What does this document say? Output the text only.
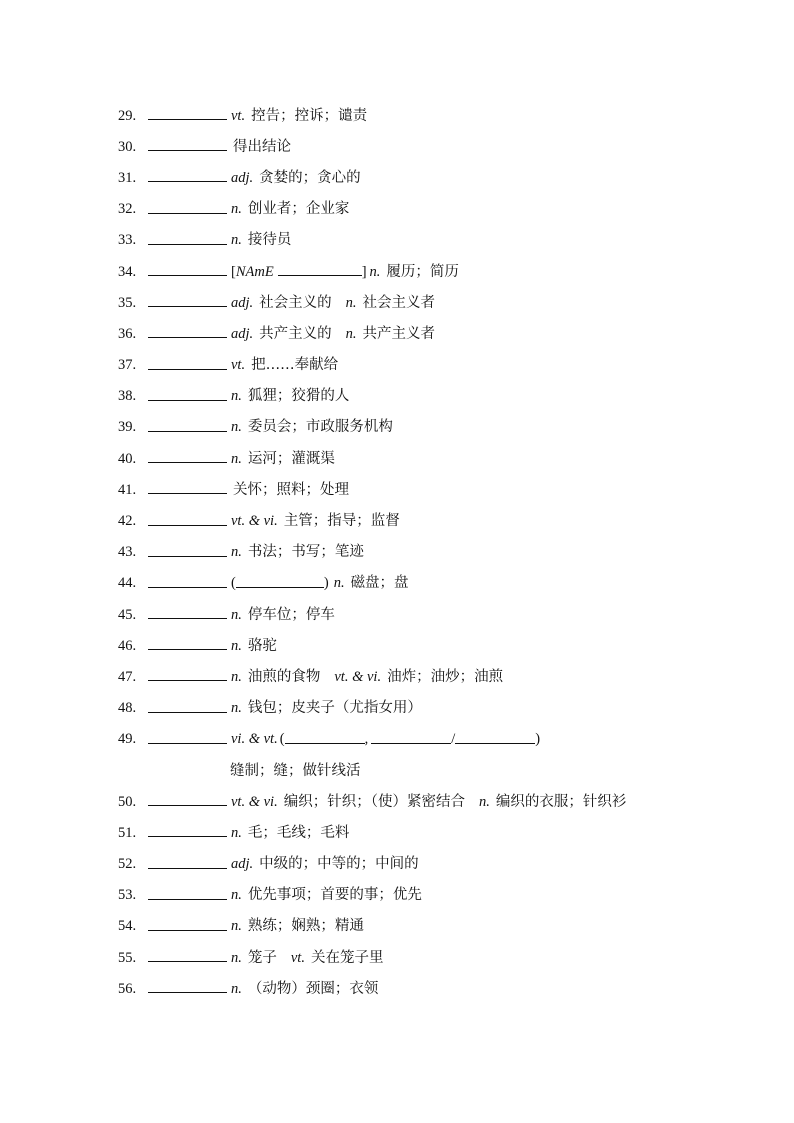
29.	vt. 控告；控诉；谴责
30.	得出结论
31.	adj. 贪婪的；贪心的
32.	n. 创业者；企业家
33.	n. 接待员
34.	[ NAmE	] n. 履历；简历
35.	adj. 社会主义的 n. 社会主义者
36.	adj. 共产主义的 n. 共产主义者
37.	vt. 把……奉献给
38.	n. 狐狸；狡猾的人
39.	n. 委员会；市政服务机构
40.	n. 运河；灌溉渠
41.	关怀；照料；处理
42.	vt. & vi. 主管；指导；监督
43.	n. 书法；书写；笔迹
44.	(	) n. 磁盘；盘
45.	n. 停车位；停车
46.	n. 骆驼
47.	n. 油煎的食物 vt. & vi. 油炸；油炒；油煎
48.	n. 钱包；皮夹子（尤指女用）
49.	vi. & vt. (	,	/	)
缝制；缝；做针线活
50.	vt. & vi. 编织；针织；（使）紧密结合 n. 编织的衣服；针织衫
51.	n. 毛；毛线；毛料
52.	adj. 中级的；中等的；中间的
53.	n. 优先事项；首要的事；优先
54.	n. 熟练；娴熟；精通
55.	n. 笼子 vt. 关在笼子里
56.	n. （动物）颈圈；衣领
